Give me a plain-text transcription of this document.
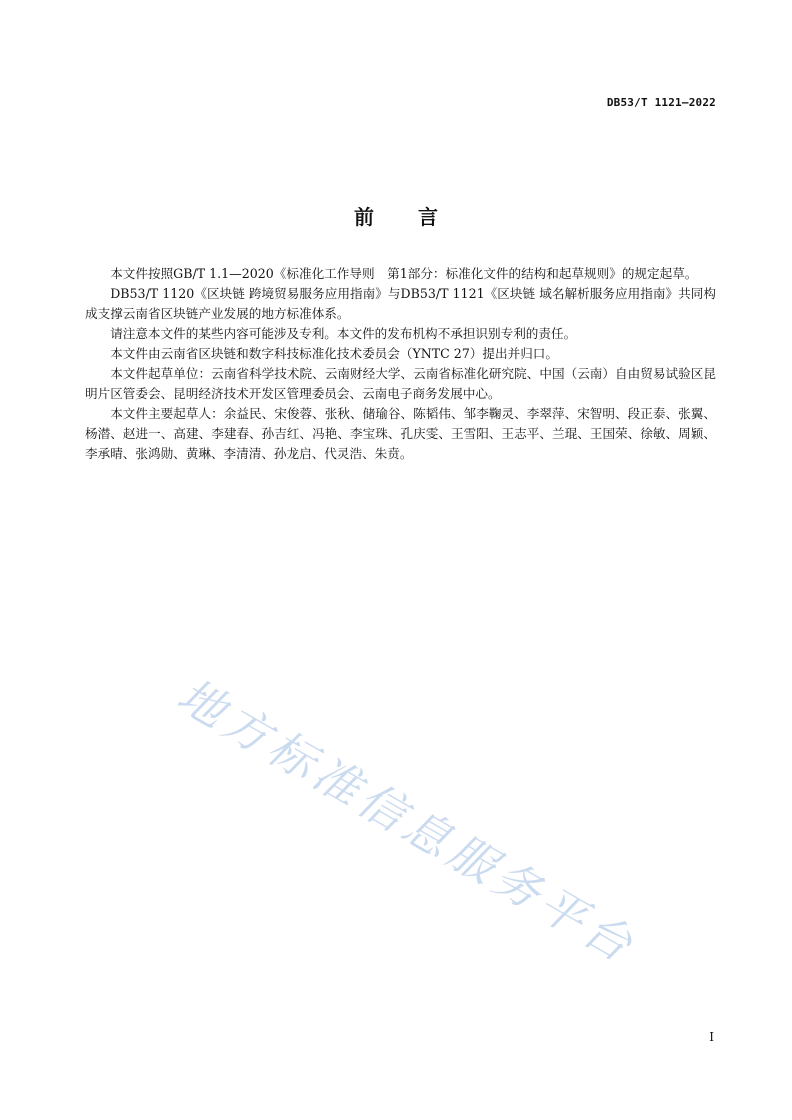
DB53/T 1121—2022
前言

本文件按照GB/T 1.1—2020《标准化工作导则　第1部分：标准化文件的结构和起草规则》的规定起草。

DB53/T 1120《区块链 跨境贸易服务应用指南》与DB53/T 1121《区块链 域名解析服务应用指南》共同构成支撑云南省区块链产业发展的地方标准体系。

请注意本文件的某些内容可能涉及专利。本文件的发布机构不承担识别专利的责任。

本文件由云南省区块链和数字科技标准化技术委员会（YNTC 27）提出并归口。

本文件起草单位：云南省科学技术院、云南财经大学、云南省标准化研究院、中国（云南）自由贸易试验区昆明片区管委会、昆明经济技术开发区管理委员会、云南电子商务发展中心。

本文件主要起草人：余益民、宋俊蓉、张秋、储瑜谷、陈韬伟、邹李鞠灵、李翠萍、宋智明、段正泰、张翼、杨潜、赵进一、高建、李建春、孙吉红、冯艳、李宝珠、孔庆雯、王雪阳、王志平、兰琨、王国荣、徐敏、周颖、李承晴、张鸿勋、黄琳、李清清、孙龙启、代灵浩、朱贲。

地方标准信息服务平台
I
